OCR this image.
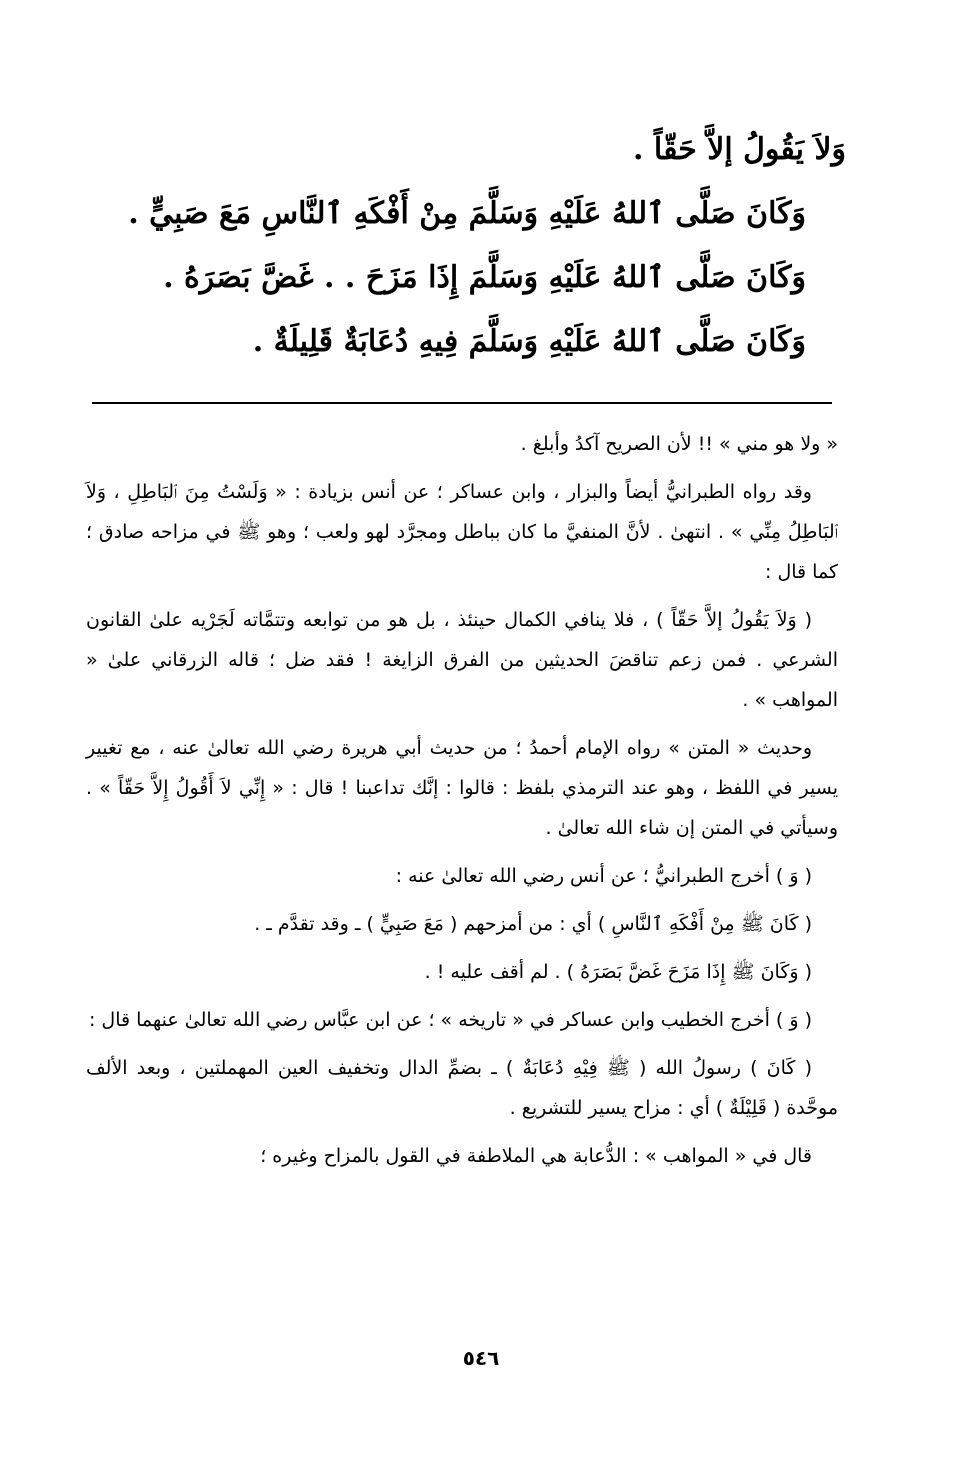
وَلاَ يَقُولُ إلاَّ حَقّاً .
وَكَانَ صَلَّى ٱللهُ عَلَيْهِ وَسَلَّمَ مِنْ أَفْكَهِ ٱلنَّاسِ مَعَ صَبِيٍّ .
وَكَانَ صَلَّى ٱللهُ عَلَيْهِ وَسَلَّمَ إِذَا مَزَحَ . . غَضَّ بَصَرَهُ .
وَكَانَ صَلَّى ٱللهُ عَلَيْهِ وَسَلَّمَ فِيهِ دُعَابَةٌ قَلِيلَةٌ .

« ولا هو مني » !! لأن الصريح آكدُ وأبلغ .

وقد رواه الطبرانيُّ أيضاً والبزار ، وابن عساكر ؛ عن أنس بزيادة : « وَلَسْتُ مِنَ ٱلبَاطِلِ ، وَلاَ ٱلبَاطِلُ مِنِّي » . انتهىٰ . لأنَّ المنفيَّ ما كان بباطل ومجرَّد لهو ولعب ؛ وهو ﷺ في مزاحه صادق ؛ كما قال :

( وَلاَ يَقُولُ إلاَّ حَقّاً ) ، فلا ينافي الكمال حينئذ ، بل هو من توابعه وتتمَّاته لَجَرْيه علىٰ القانون الشرعي . فمن زعم تناقضَ الحديثين من الفرق الزايغة ! فقد ضل ؛ قاله الزرقاني علىٰ « المواهب » .

وحديث « المتن » رواه الإمام أحمدُ ؛ من حديث أبي هريرة رضي الله تعالىٰ عنه ، مع تغيير يسير في اللفظ ، وهو عند الترمذي بلفظ : قالوا : إنَّك تداعبنا ! قال : « إِنِّي لاَ أَقُولُ إِلاَّ حَقّاً » . وسيأتي في المتن إن شاء الله تعالىٰ .

( وَ ) أخرج الطبرانيُّ ؛ عن أنس رضي الله تعالىٰ عنه :

( كَانَ ﷺ مِنْ أَفْكَهِ ٱلنَّاسِ ) أي : من أمزحهم ( مَعَ صَبِيٍّ ) ـ وقد تقدَّم ـ .

( وَكَانَ ﷺ إِذَا مَزَحَ غَضَّ بَصَرَهُ ) . لم أقف عليه ! .

( وَ ) أخرج الخطيب وابن عساكر في « تاريخه » ؛ عن ابن عبَّاس رضي الله تعالىٰ عنهما قال :

( كَانَ ) رسولُ الله ( ﷺ فِيْهِ دُعَابَةٌ ) ـ بضمِّ الدال وتخفيف العين المهملتين ، وبعد الألف موحَّدة ( قَلِيْلَةٌ ) أي : مزاح يسير للتشريع .

قال في « المواهب » : الدُّعابة هي الملاطفة في القول بالمزاح وغيره ؛

٥٤٦
